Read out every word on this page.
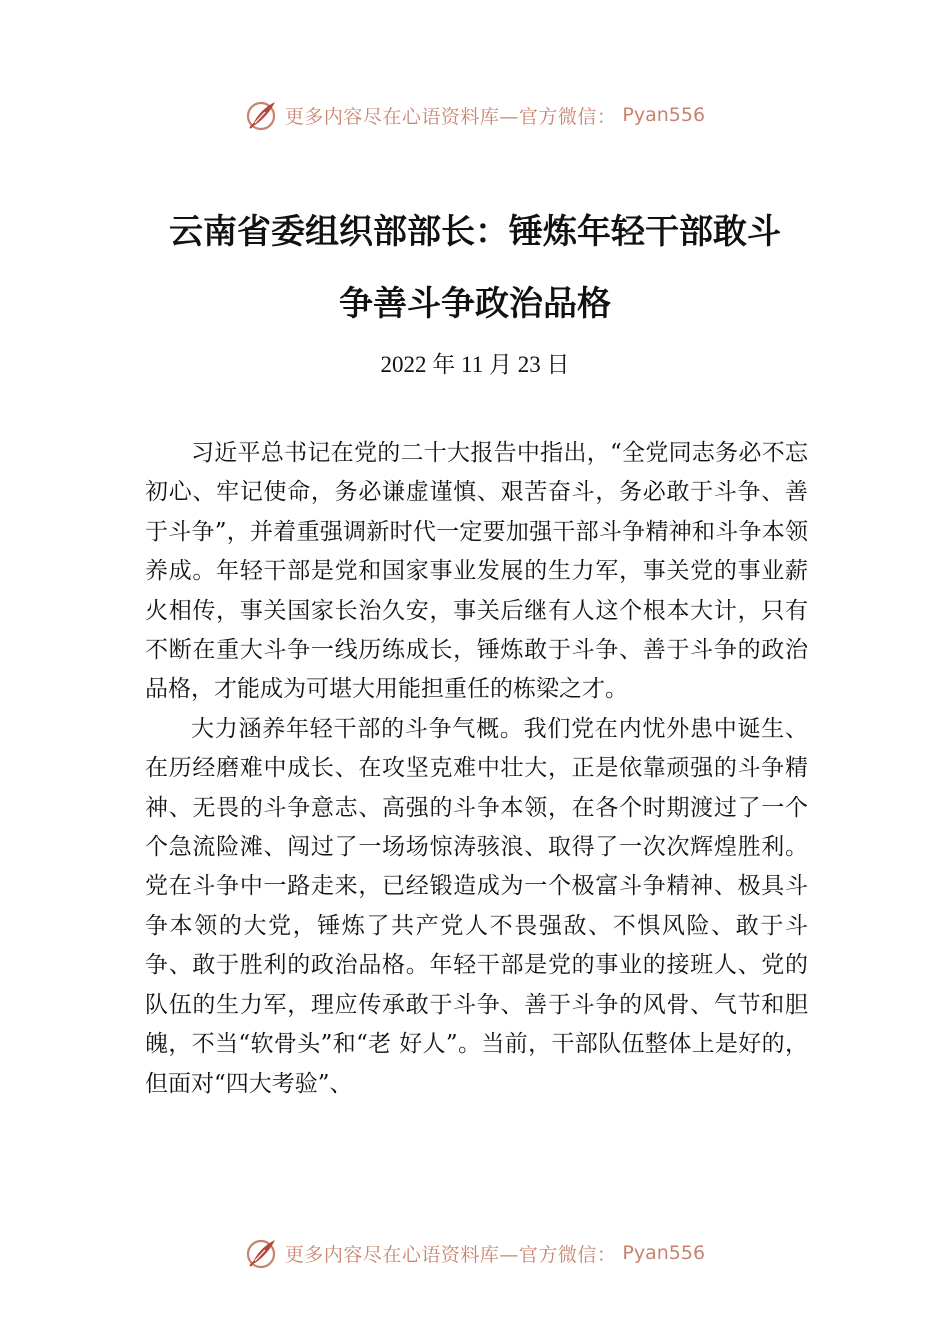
更多内容尽在心语资料库—官方微信： Pyan556
云南省委组织部部长：锤炼年轻干部敢斗
争善斗争政治品格
2022 年 11 月 23 日

习近平总书记在党的二十大报告中指出，“全党同志务必不忘初心、牢记使命，务必谦虚谨慎、艰苦奋斗，务必敢于斗争、善于斗争”，并着重强调新时代一定要加强干部斗争精神和斗争本领养成。年轻干部是党和国家事业发展的生力军，事关党的事业薪火相传，事关国家长治久安，事关后继有人这个根本大计，只有不断在重大斗争一线历练成长，锤炼敢于斗争、善于斗争的政治品格，才能成为可堪大用能担重任的栋梁之才。

大力涵养年轻干部的斗争气概。我们党在内忧外患中诞生、在历经磨难中成长、在攻坚克难中壮大，正是依靠顽强的斗争精神、无畏的斗争意志、高强的斗争本领，在各个时期渡过了一个个急流险滩、闯过了一场场惊涛骇浪、取得了一次次辉煌胜利。党在斗争中一路走来，已经锻造成为一个极富斗争精神、极具斗争本领的大党，锤炼了共产党人不畏强敌、不惧风险、敢于斗争、敢于胜利的政治品格。年轻干部是党的事业的接班人、党的队伍的生力军，理应传承敢于斗争、善于斗争的风骨、气节和胆魄，不当“软骨头”和“老 好人”。当前，干部队伍整体上是好的，但面对“四大考验”、

更多内容尽在心语资料库—官方微信： Pyan556
